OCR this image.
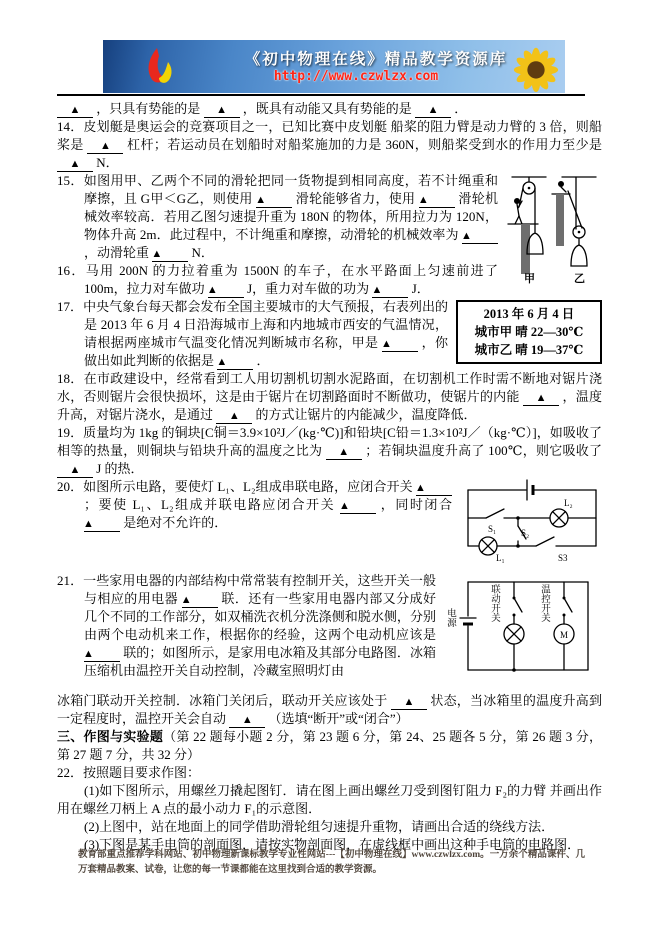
《初中物理在线》精品教学资源库
http://www.czwlzx.com

▲ ，只具有势能的是 ▲ ，既具有动能又具有势能的是 ▲ ．

14．皮划艇是奥运会的竞赛项目之一，已知比赛中皮划艇 船桨的阻力臂是动力臂的 3 倍，则船桨是 ▲ 杠杆；若运动员在划船时对船桨施加的力是 360N，则船桨受到水的作用力至少是 ▲ N．

甲	乙

15．如图用甲、乙两个不同的滑轮把同一货物提到相同高度，若不计绳重和摩擦，且 G甲＜G乙，则使用 ▲ 滑轮能够省力，使用 ▲ 滑轮机械效率较高．若用乙图匀速提升重为 180N 的物体，所用拉力为 120N，物体升高 2m．此过程中，不计绳重和摩擦，动滑轮的机械效率为 ▲ ，动滑轮重 ▲ N．

16．马用 200N 的力拉着重为 1500N 的车子，在水平路面上匀速前进了 100m，拉力对车做功 ▲ J，重力对车做的功为 ▲ J．

2013 年 6 月 4 日
城市甲 晴 22—30℃
城市乙 晴 19—37℃

17．中央气象台每天都会发布全国主要城市的大气预报，右表列出的是 2013 年 6 月 4 日沿海城市上海和内地城市西安的气温情况，请根据两座城市气温变化情况判断城市名称，甲是 ▲ ，你做出如此判断的依据是 ▲ ．

18．在市政建设中，经常看到工人用切割机切割水泥路面，在切割机工作时需不断地对锯片浇水，否则锯片会很快损坏，这是由于锯片在切割路面时不断做功，使锯片的内能 ▲ ，温度升高，对锯片浇水，是通过 ▲ 的方式让锯片的内能减少，温度降低．

19．质量均为 1kg 的铜块[C铜＝3.9×10²J／(kg·℃)]和铅块[C铅＝1.3×10²J／（kg·℃）]，如吸收了相等的热量，则铜块与铅块升高的温度之比为 ▲ ；若铜块温度升高了 100℃，则它吸收了 ▲ J 的热．

S₁	S₂
S3
L₁
L₂

20．如图所示电路，要使灯 L₁、L₂组成串联电路，应闭合开关 ▲ ；要使 L₁、L₂组成并联电路应闭合开关 ▲ ，同时闭合 ▲ 是绝对不允许的．

M
电源	联动开关	温控开关

21．一些家用电器的内部结构中常常装有控制开关，这些开关一般与相应的用电器 ▲ 联．还有一些家用电器内部又分成好几个不同的工作部分，如双桶洗衣机分洗涤侧和脱水侧，分别由两个电动机来工作，根据你的经验，这两个电动机应该是 ▲ 联的；如图所示，是家用电冰箱及其部分电路图．冰箱压缩机由温控开关自动控制，冷藏室照明灯由

冰箱门联动开关控制．冰箱门关闭后，联动开关应该处于 ▲ 状态，当冰箱里的温度升高到一定程度时，温控开关会自动 ▲ （选填“断开”或“闭合”）

三、作图与实验题（第 22 题每小题 2 分，第 23 题 6 分，第 24、25 题各 5 分，第 26 题 3 分，第 27 题 7 分，共 32 分）

22．按照题目要求作图：

(1)如下图所示，用螺丝刀撬起图钉．请在图上画出螺丝刀受到图钉阻力 F₂的力臂 并画出作用在螺丝刀柄上 A 点的最小动力 F₁的示意图．

(2)上图中，站在地面上的同学借助滑轮组匀速提升重物，请画出合适的绕线方法．

(3)下图是某手电筒的剖面图，请按实物剖面图，在虚线框中画出这种手电筒的电路图．

教育部重点推荐学科网站、初中物理新课标教学专业性网站---【初中物理在线】www.czwlzx.com。一万余个精品课件、几万套精品教案、试卷，让您的每一节课都能在这里找到合适的教学资源。
